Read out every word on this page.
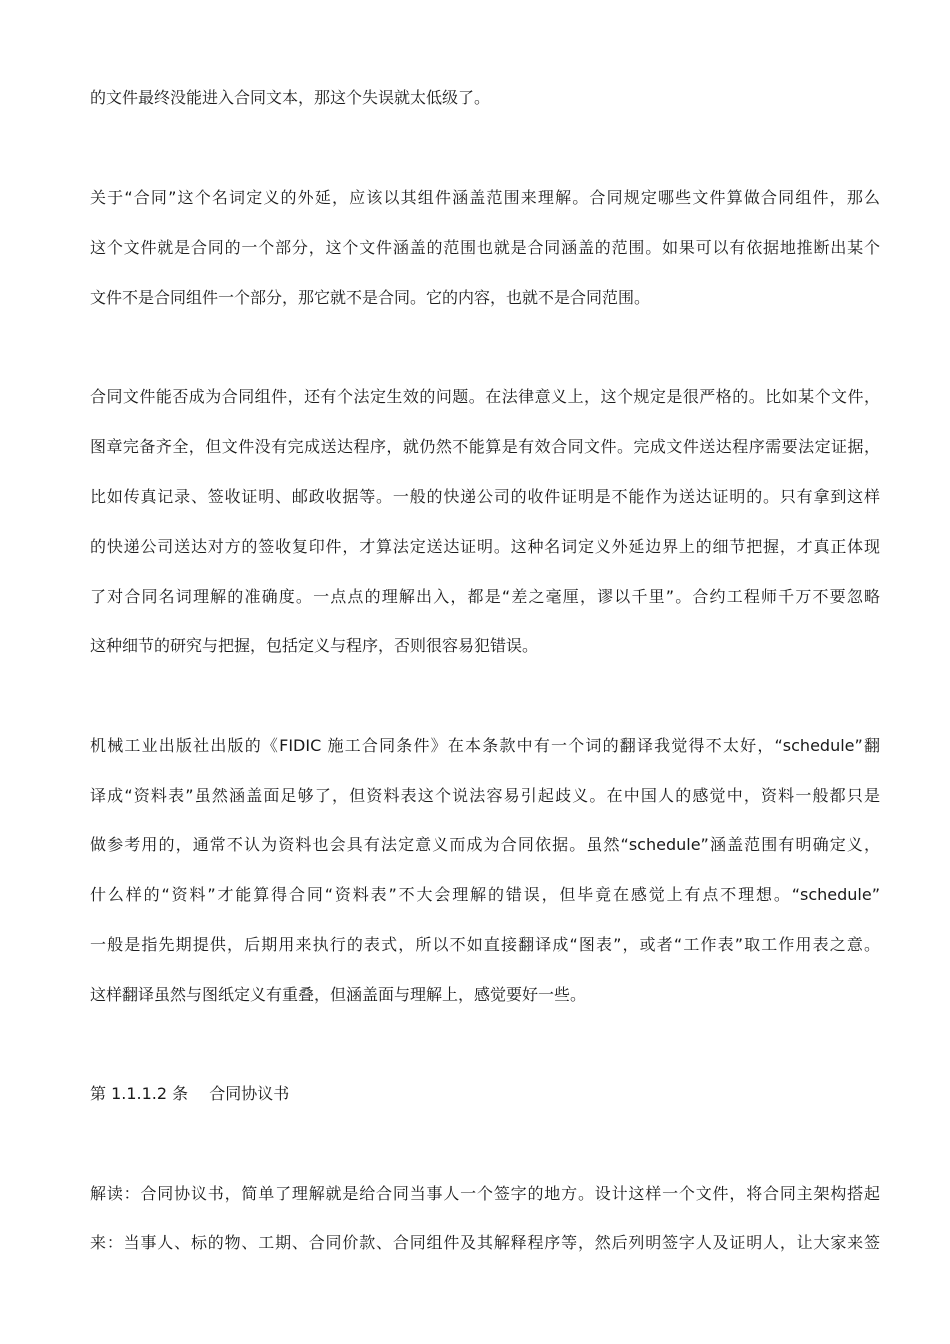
的文件最终没能进入合同文本，那这个失误就太低级了。
关于“合同”这个名词定义的外延，应该以其组件涵盖范围来理解。合同规定哪些文件算做合同组件，那么
这个文件就是合同的一个部分，这个文件涵盖的范围也就是合同涵盖的范围。如果可以有依据地推断出某个
文件不是合同组件一个部分，那它就不是合同。它的内容，也就不是合同范围。
合同文件能否成为合同组件，还有个法定生效的问题。在法律意义上，这个规定是很严格的。比如某个文件，
图章完备齐全，但文件没有完成送达程序，就仍然不能算是有效合同文件。完成文件送达程序需要法定证据，
比如传真记录、签收证明、邮政收据等。一般的快递公司的收件证明是不能作为送达证明的。只有拿到这样
的快递公司送达对方的签收复印件，才算法定送达证明。这种名词定义外延边界上的细节把握，才真正体现
了对合同名词理解的准确度。一点点的理解出入，都是“差之毫厘，谬以千里”。合约工程师千万不要忽略
这种细节的研究与把握，包括定义与程序，否则很容易犯错误。
机械工业出版社出版的《FIDIC 施工合同条件》在本条款中有一个词的翻译我觉得不太好，“schedule”翻
译成“资料表”虽然涵盖面足够了，但资料表这个说法容易引起歧义。在中国人的感觉中，资料一般都只是
做参考用的，通常不认为资料也会具有法定意义而成为合同依据。虽然“schedule”涵盖范围有明确定义，
什么样的“资料”才能算得合同“资料表”不大会理解的错误，但毕竟在感觉上有点不理想。“schedule”
一般是指先期提供，后期用来执行的表式，所以不如直接翻译成“图表”，或者“工作表”取工作用表之意。
这样翻译虽然与图纸定义有重叠，但涵盖面与理解上，感觉要好一些。
第 1.1.1.2 条　 合同协议书
解读：合同协议书，简单了理解就是给合同当事人一个签字的地方。设计这样一个文件，将合同主架构搭起
来：当事人、标的物、工期、合同价款、合同组件及其解释程序等，然后列明签字人及证明人，让大家来签
